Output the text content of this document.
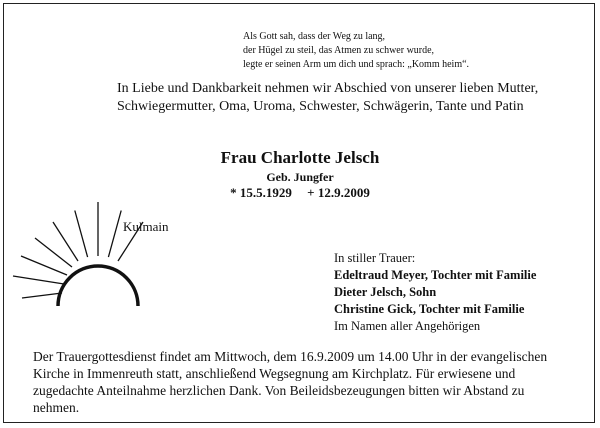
Als Gott sah, dass der Weg zu lang,
der Hügel zu steil, das Atmen zu schwer wurde,
legte er seinen Arm um dich und sprach: „Komm heim“.
In Liebe und Dankbarkeit nehmen wir Abschied von unserer lieben Mutter, Schwiegermutter, Oma, Uroma, Schwester, Schwägerin, Tante und Patin
Frau Charlotte Jelsch
Geb. Jungfer
* 15.5.1929 + 12.9.2009
Kulmain
In stiller Trauer:
Edeltraud Meyer, Tochter mit Familie
Dieter Jelsch, Sohn
Christine Gick, Tochter mit Familie
Im Namen aller Angehörigen
Der Trauergottesdienst findet am Mittwoch, dem 16.9.2009 um 14.00 Uhr in der evangelischen Kirche in Immenreuth statt, anschließend Wegsegnung am Kirchplatz. Für erwiesene und zugedachte Anteilnahme herzlichen Dank. Von Beileidsbezeugungen bitten wir Abstand zu nehmen.
